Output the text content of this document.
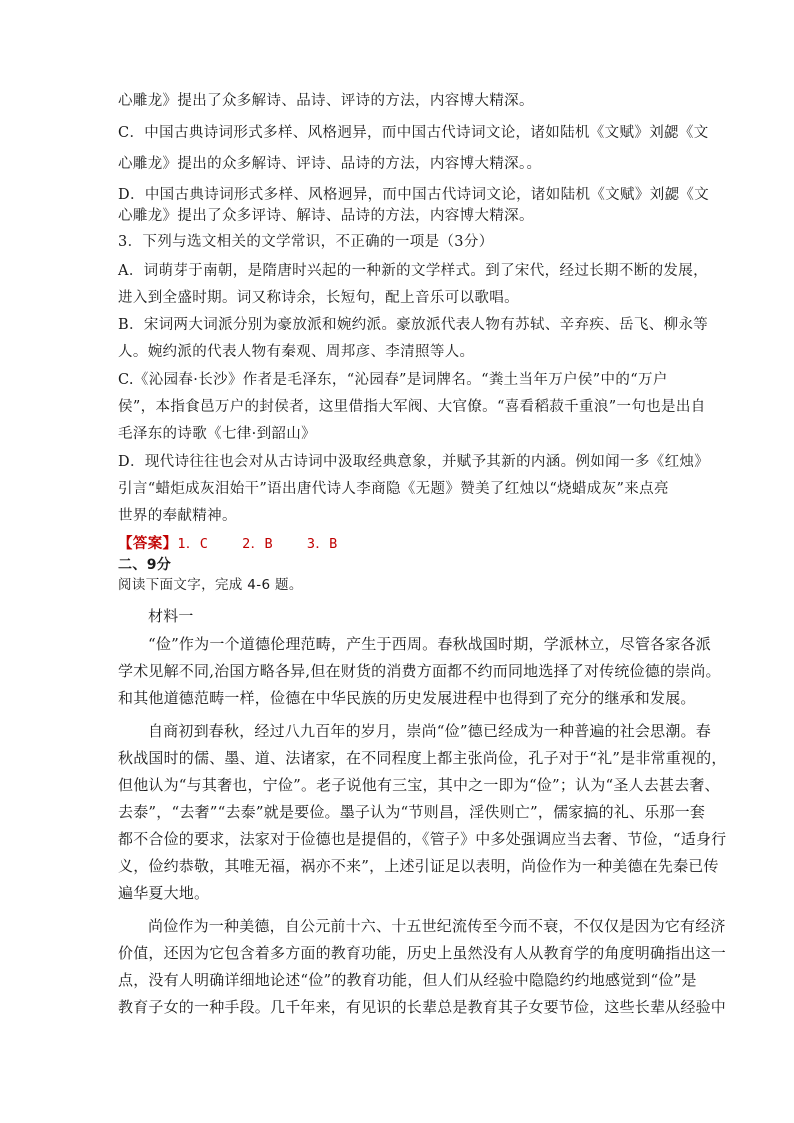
心雕龙》提出了众多解诗、品诗、评诗的方法，内容博大精深。
C．中国古典诗词形式多样、风格迥异，而中国古代诗词文论，诸如陆机《文赋》刘勰《文
心雕龙》提出的众多解诗、评诗、品诗的方法，内容博大精深。。
D．中国古典诗词形式多样、风格迥异，而中国古代诗词文论，诸如陆机《文赋》刘勰《文
心雕龙》提出了众多评诗、解诗、品诗的方法，内容博大精深。
3．下列与选文相关的文学常识，不正确的一项是（3分）
A．词萌芽于南朝，是隋唐时兴起的一种新的文学样式。到了宋代，经过长期不断的发展，
进入到全盛时期。词又称诗余，长短句，配上音乐可以歌唱。
B．宋词两大词派分别为豪放派和婉约派。豪放派代表人物有苏轼、辛弃疾、岳飞、柳永等
人。婉约派的代表人物有秦观、周邦彦、李清照等人。
C.《沁园春·长沙》作者是毛泽东，“沁园春”是词牌名。“粪土当年万户侯”中的“万户
侯”，本指食邑万户的封侯者，这里借指大军阀、大官僚。“喜看稻菽千重浪”一句也是出自
毛泽东的诗歌《七律·到韶山》
D．现代诗往往也会对从古诗词中汲取经典意象，并赋予其新的内涵。例如闻一多《红烛》
引言“蜡炬成灰泪始干”语出唐代诗人李商隐《无题》赞美了红烛以“烧蜡成灰”来点亮
世界的奉献精神。
【答案】1．C    2．B    3．B
二、9分
阅读下面文字，完成 4-6 题。
材料一
“俭”作为一个道德伦理范畴，产生于西周。春秋战国时期，学派林立，尽管各家各派
学术见解不同,治国方略各异,但在财货的消费方面都不约而同地选择了对传统俭德的崇尚。
和其他道德范畴一样，俭德在中华民族的历史发展进程中也得到了充分的继承和发展。
自商初到春秋，经过八九百年的岁月，崇尚“俭”德已经成为一种普遍的社会思潮。春
秋战国时的儒、墨、道、法诸家，在不同程度上都主张尚俭，孔子对于“礼”是非常重视的，
但他认为“与其奢也，宁俭”。老子说他有三宝，其中之一即为“俭”；认为“圣人去甚去奢、
去泰”，“去奢”“去泰”就是要俭。墨子认为“节则昌，淫佚则亡”，儒家搞的礼、乐那一套
都不合俭的要求，法家对于俭德也是提倡的，《管子》中多处强调应当去奢、节俭，“适身行
义，俭约恭敬，其唯无福，祸亦不来”，上述引证足以表明，尚俭作为一种美德在先秦已传
遍华夏大地。
尚俭作为一种美德，自公元前十六、十五世纪流传至今而不衰，不仅仅是因为它有经济
价值，还因为它包含着多方面的教育功能，历史上虽然没有人从教育学的角度明确指出这一
点，没有人明确详细地论述“俭”的教育功能，但人们从经验中隐隐约约地感觉到“俭”是
教育子女的一种手段。几千年来，有见识的长辈总是教育其子女要节俭，这些长辈从经验中
